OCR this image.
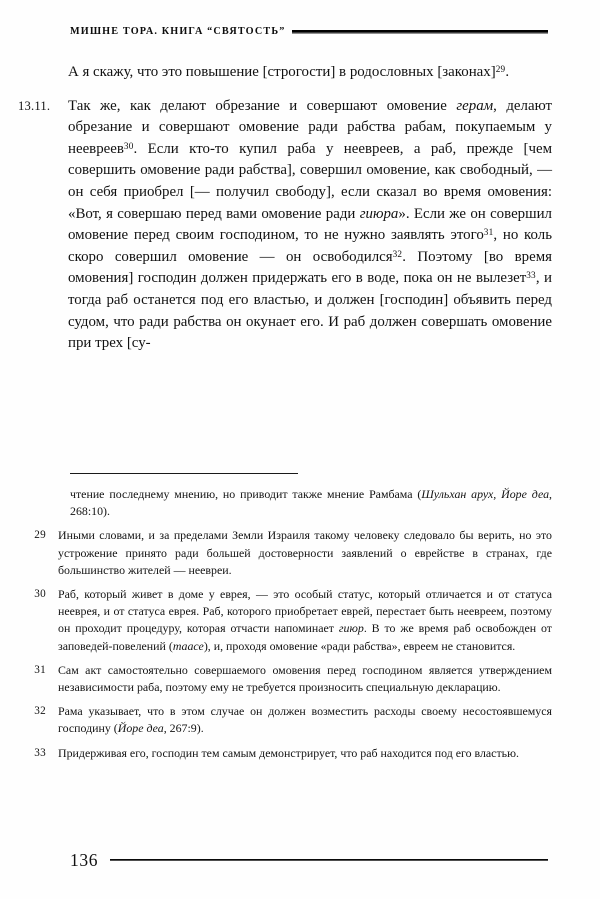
МИШНЕ ТОРА. КНИГА “СВЯТОСТЬ”
А я скажу, что это повышение [строгости] в родословных [законах]$^{29}$.
13.11.	Так же, как делают обрезание и совершают омовение герам, делают обрезание и совершают омовение ради рабства рабам, покупаемым у неевреев$^{30}$. Если кто-то купил раба у неевреев, а раб, прежде [чем совершить омовение ради рабства], совершил омовение, как свободный, — он себя приобрел [— получил свободу], если сказал во время омовения: «Вот, я совершаю перед вами омовение ради гиюра». Если же он совершил омовение перед своим господином, то не нужно заявлять этого$^{31}$, но коль скоро совершил омовение — он освободился$^{32}$. Поэтому [во время омовения] господин должен придержать его в воде, пока он не вылезет$^{33}$, и тогда раб останется под его властью, и должен [господин] объявить перед судом, что ради рабства он окунает его. И раб должен совершать омовение при трех [су-
чтение последнему мнению, но приводит также мнение Рамбама (Шульхан арух, Йоре деа, 268:10).
29	Иными словами, и за пределами Земли Израиля такому человеку следовало бы верить, но это устрожение принято ради большей достоверности заявлений о еврействе в странах, где большинство жителей — неевреи.
30	Раб, который живет в доме у еврея, — это особый статус, который отличается и от статуса нееврея, и от статуса еврея. Раб, которого приобретает еврей, перестает быть неевреем, поэтому он проходит процедуру, которая отчасти напоминает гиюр. В то же время раб освобожден от заповедей-повелений (таасе), и, проходя омовение «ради рабства», евреем не становится.
31	Сам акт самостоятельно совершаемого омовения перед господином является утверждением независимости раба, поэтому ему не требуется произносить специальную декларацию.
32	Рама указывает, что в этом случае он должен возместить расходы своему несостоявшемуся господину (Йоре деа, 267:9).
33	Придерживая его, господин тем самым демонстрирует, что раб находится под его властью.
136
